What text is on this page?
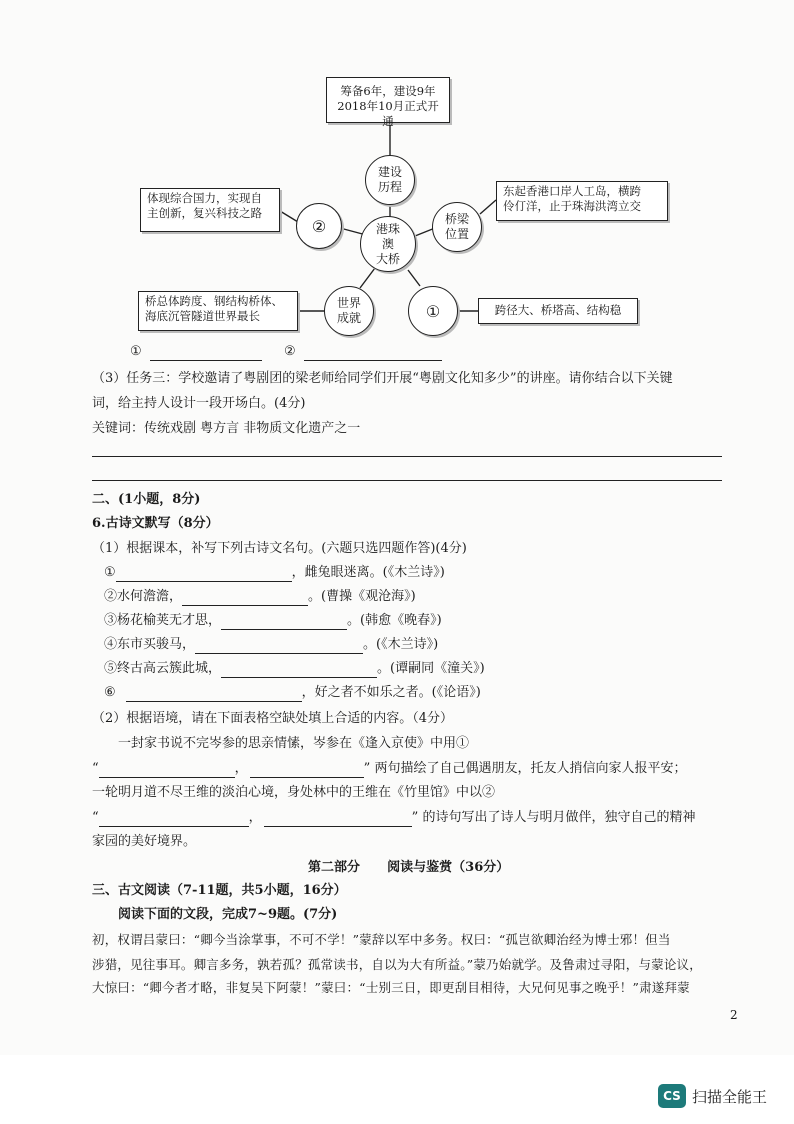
筹备6年，建设9年
2018年10月正式开通
建设
历程
港珠澳
大桥
②	桥梁
位置
世界
成就	①
体现综合国力，实现自
主创新，复兴科技之路
东起香港口岸人工岛，横跨
伶仃洋，止于珠海洪湾立交
桥总体跨度、钢结构桥体、
海底沉管隧道世界最长	跨径大、桥塔高、结构稳
①	②
（3）任务三：学校邀请了粤剧团的梁老师给同学们开展“粤剧文化知多少”的讲座。请你结合以下关键
词，给主持人设计一段开场白。(4分)
关键词：传统戏剧 粤方言 非物质文化遗产之一
二、(1小题，8分)
6.古诗文默写（8分）
（1）根据课本，补写下列古诗文名句。(六题只选四题作答)(4分)
①	，雌兔眼迷离。(《木兰诗》)
②水何澹澹，	。(曹操《观沧海》)
③杨花榆荚无才思，	。(韩愈《晚春》)
④东市买骏马，	。(《木兰诗》)
⑤终古高云簇此城，	。(谭嗣同《潼关》)
⑥	，好之者不如乐之者。(《论语》)
（2）根据语境，请在下面表格空缺处填上合适的内容。（4分）
一封家书说不完岑参的思亲情愫，岑参在《逢入京使》中用①
“	，	” 两句描绘了自己偶遇朋友，托友人捎信向家人报平安；
一轮明月道不尽王维的淡泊心境，身处林中的王维在《竹里馆》中以②
“	，	” 的诗句写出了诗人与明月做伴，独守自己的精神
家园的美好境界。
第二部分      阅读与鉴赏（36分）
三、古文阅读（7-11题，共5小题，16分）
阅读下面的文段，完成7~9题。(7分)
初，权谓吕蒙曰：“卿今当涂掌事，不可不学！”蒙辞以军中多务。权曰：“孤岂欲卿治经为博士邪！但当
涉猎，见往事耳。卿言多务，孰若孤？孤常读书，自以为大有所益。”蒙乃始就学。及鲁肃过寻阳，与蒙论议，
大惊曰：“卿今者才略，非复吴下阿蒙！”蒙曰：“士别三日，即更刮目相待，大兄何见事之晚乎！”肃遂拜蒙
2
CS 扫描全能王
